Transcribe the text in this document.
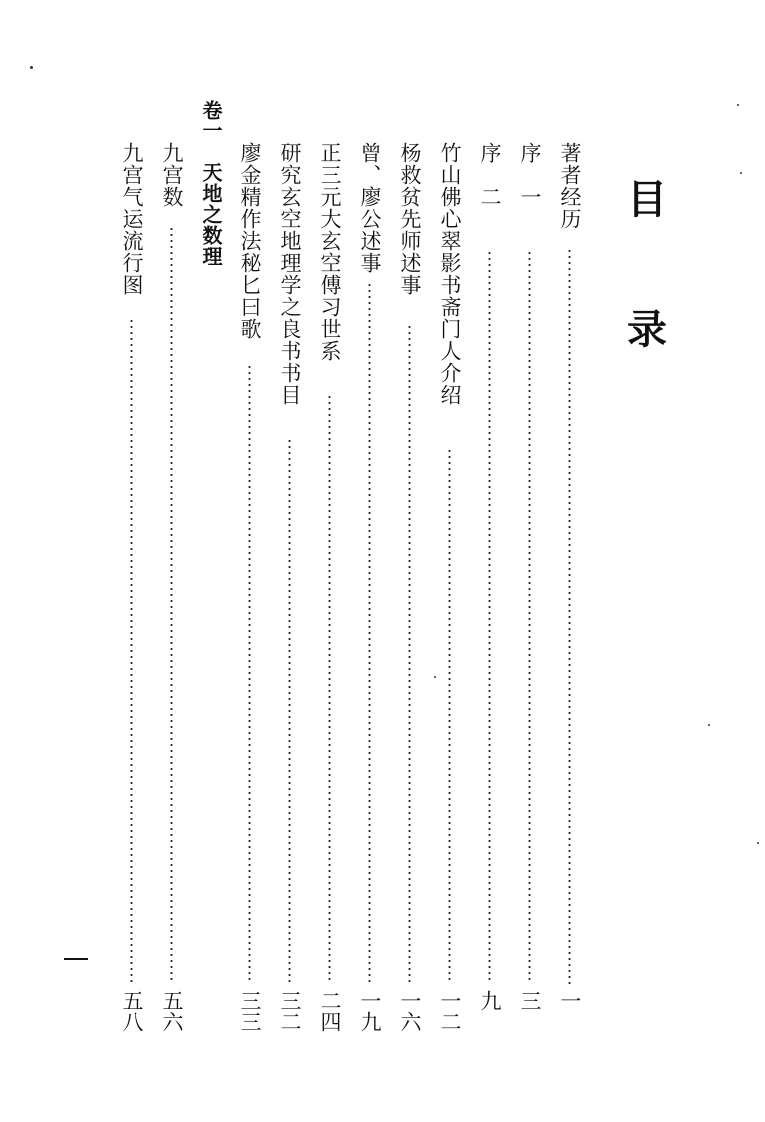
目
录
著者经历
一
序　一
三
序　二
九
竹山佛心翠影书斋门人介绍
一二
杨救贫先师述事
一六
曾、廖公述事
一九
正三元大玄空傅习世系
二四
研究玄空地理学之良书书目
三二
廖金精作法秘匕曰歌
三三
卷一
天地之数理
九宫数
五六
九宫气运流行图
五八
